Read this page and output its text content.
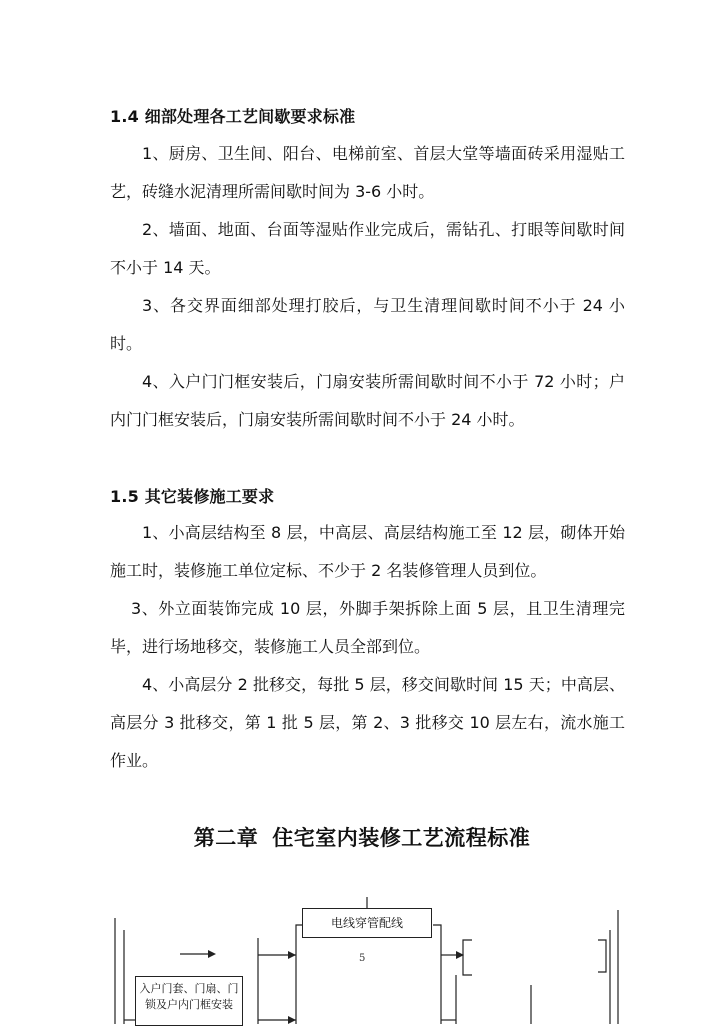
1.4 细部处理各工艺间歇要求标准
1、厨房、卫生间、阳台、电梯前室、首层大堂等墙面砖采用湿贴工艺，砖缝水泥清理所需间歇时间为 3-6 小时。
2、墙面、地面、台面等湿贴作业完成后，需钻孔、打眼等间歇时间不小于 14 天。
3、各交界面细部处理打胶后，与卫生清理间歇时间不小于 24 小时。
4、入户门门框安装后，门扇安装所需间歇时间不小于 72 小时；户内门门框安装后，门扇安装所需间歇时间不小于 24 小时。
1.5 其它装修施工要求
1、小高层结构至 8 层，中高层、高层结构施工至 12 层，砌体开始施工时，装修施工单位定标、不少于 2 名装修管理人员到位。
3、外立面装饰完成 10 层，外脚手架拆除上面 5 层，且卫生清理完毕，进行场地移交，装修施工人员全部到位。
4、小高层分 2 批移交，每批 5 层，移交间歇时间 15 天；中高层、高层分 3 批移交，第 1 批 5 层，第 2、3 批移交 10 层左右，流水施工作业。
第二章 住宅室内装修工艺流程标准
电线穿管配线
入户门套、门扇、门
锁及户内门框安装
5
